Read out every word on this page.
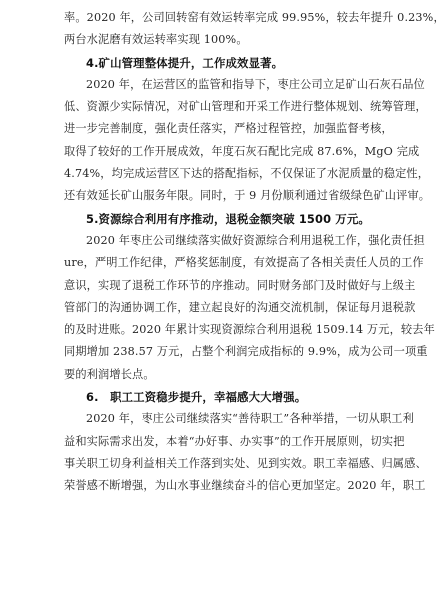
率。2020 年，公司回转窑有效运转率完成 99.95%，较去年提升 0.23%，
两台水泥磨有效运转率实现 100%。
4.矿山管理整体提升，工作成效显著。
2020 年，在运营区的监管和指导下，枣庄公司立足矿山石灰石品位
低、资源少实际情况，对矿山管理和开采工作进行整体规划、统筹管理，
进一步完善制度，强化责任落实，严格过程管控，加强监督考核，
取得了较好的工作开展成效，年度石灰石配比完成 87.6%，MgO 完成
4.74%，均完成运营区下达的搭配指标，不仅保证了水泥质量的稳定性，
还有效延长矿山服务年限。同时，于 9 月份顺利通过省级绿色矿山评审。
5.资源综合利用有序推动，退税金额突破 1500 万元。
2020 年枣庄公司继续落实做好资源综合利用退税工作，强化责任担
ure，严明工作纪律，严格奖惩制度，有效提高了各相关责任人员的工作
意识，实现了退税工作环节的序推动。同时财务部门及时做好与上级主
管部门的沟通协调工作，建立起良好的沟通交流机制，保证每月退税款
的及时进账。2020 年累计实现资源综合利用退税 1509.14 万元，较去年
同期增加 238.57 万元，占整个利润完成指标的 9.9%，成为公司一项重
要的利润增长点。
6.　职工工资稳步提升，幸福感大大增强。
2020 年，枣庄公司继续落实“善待职工”各种举措，一切从职工利
益和实际需求出发，本着“办好事、办实事”的工作开展原则，切实把
事关职工切身利益相关工作落到实处、见到实效。职工幸福感、归属感、
荣誉感不断增强，为山水事业继续奋斗的信心更加坚定。2020 年，职工
